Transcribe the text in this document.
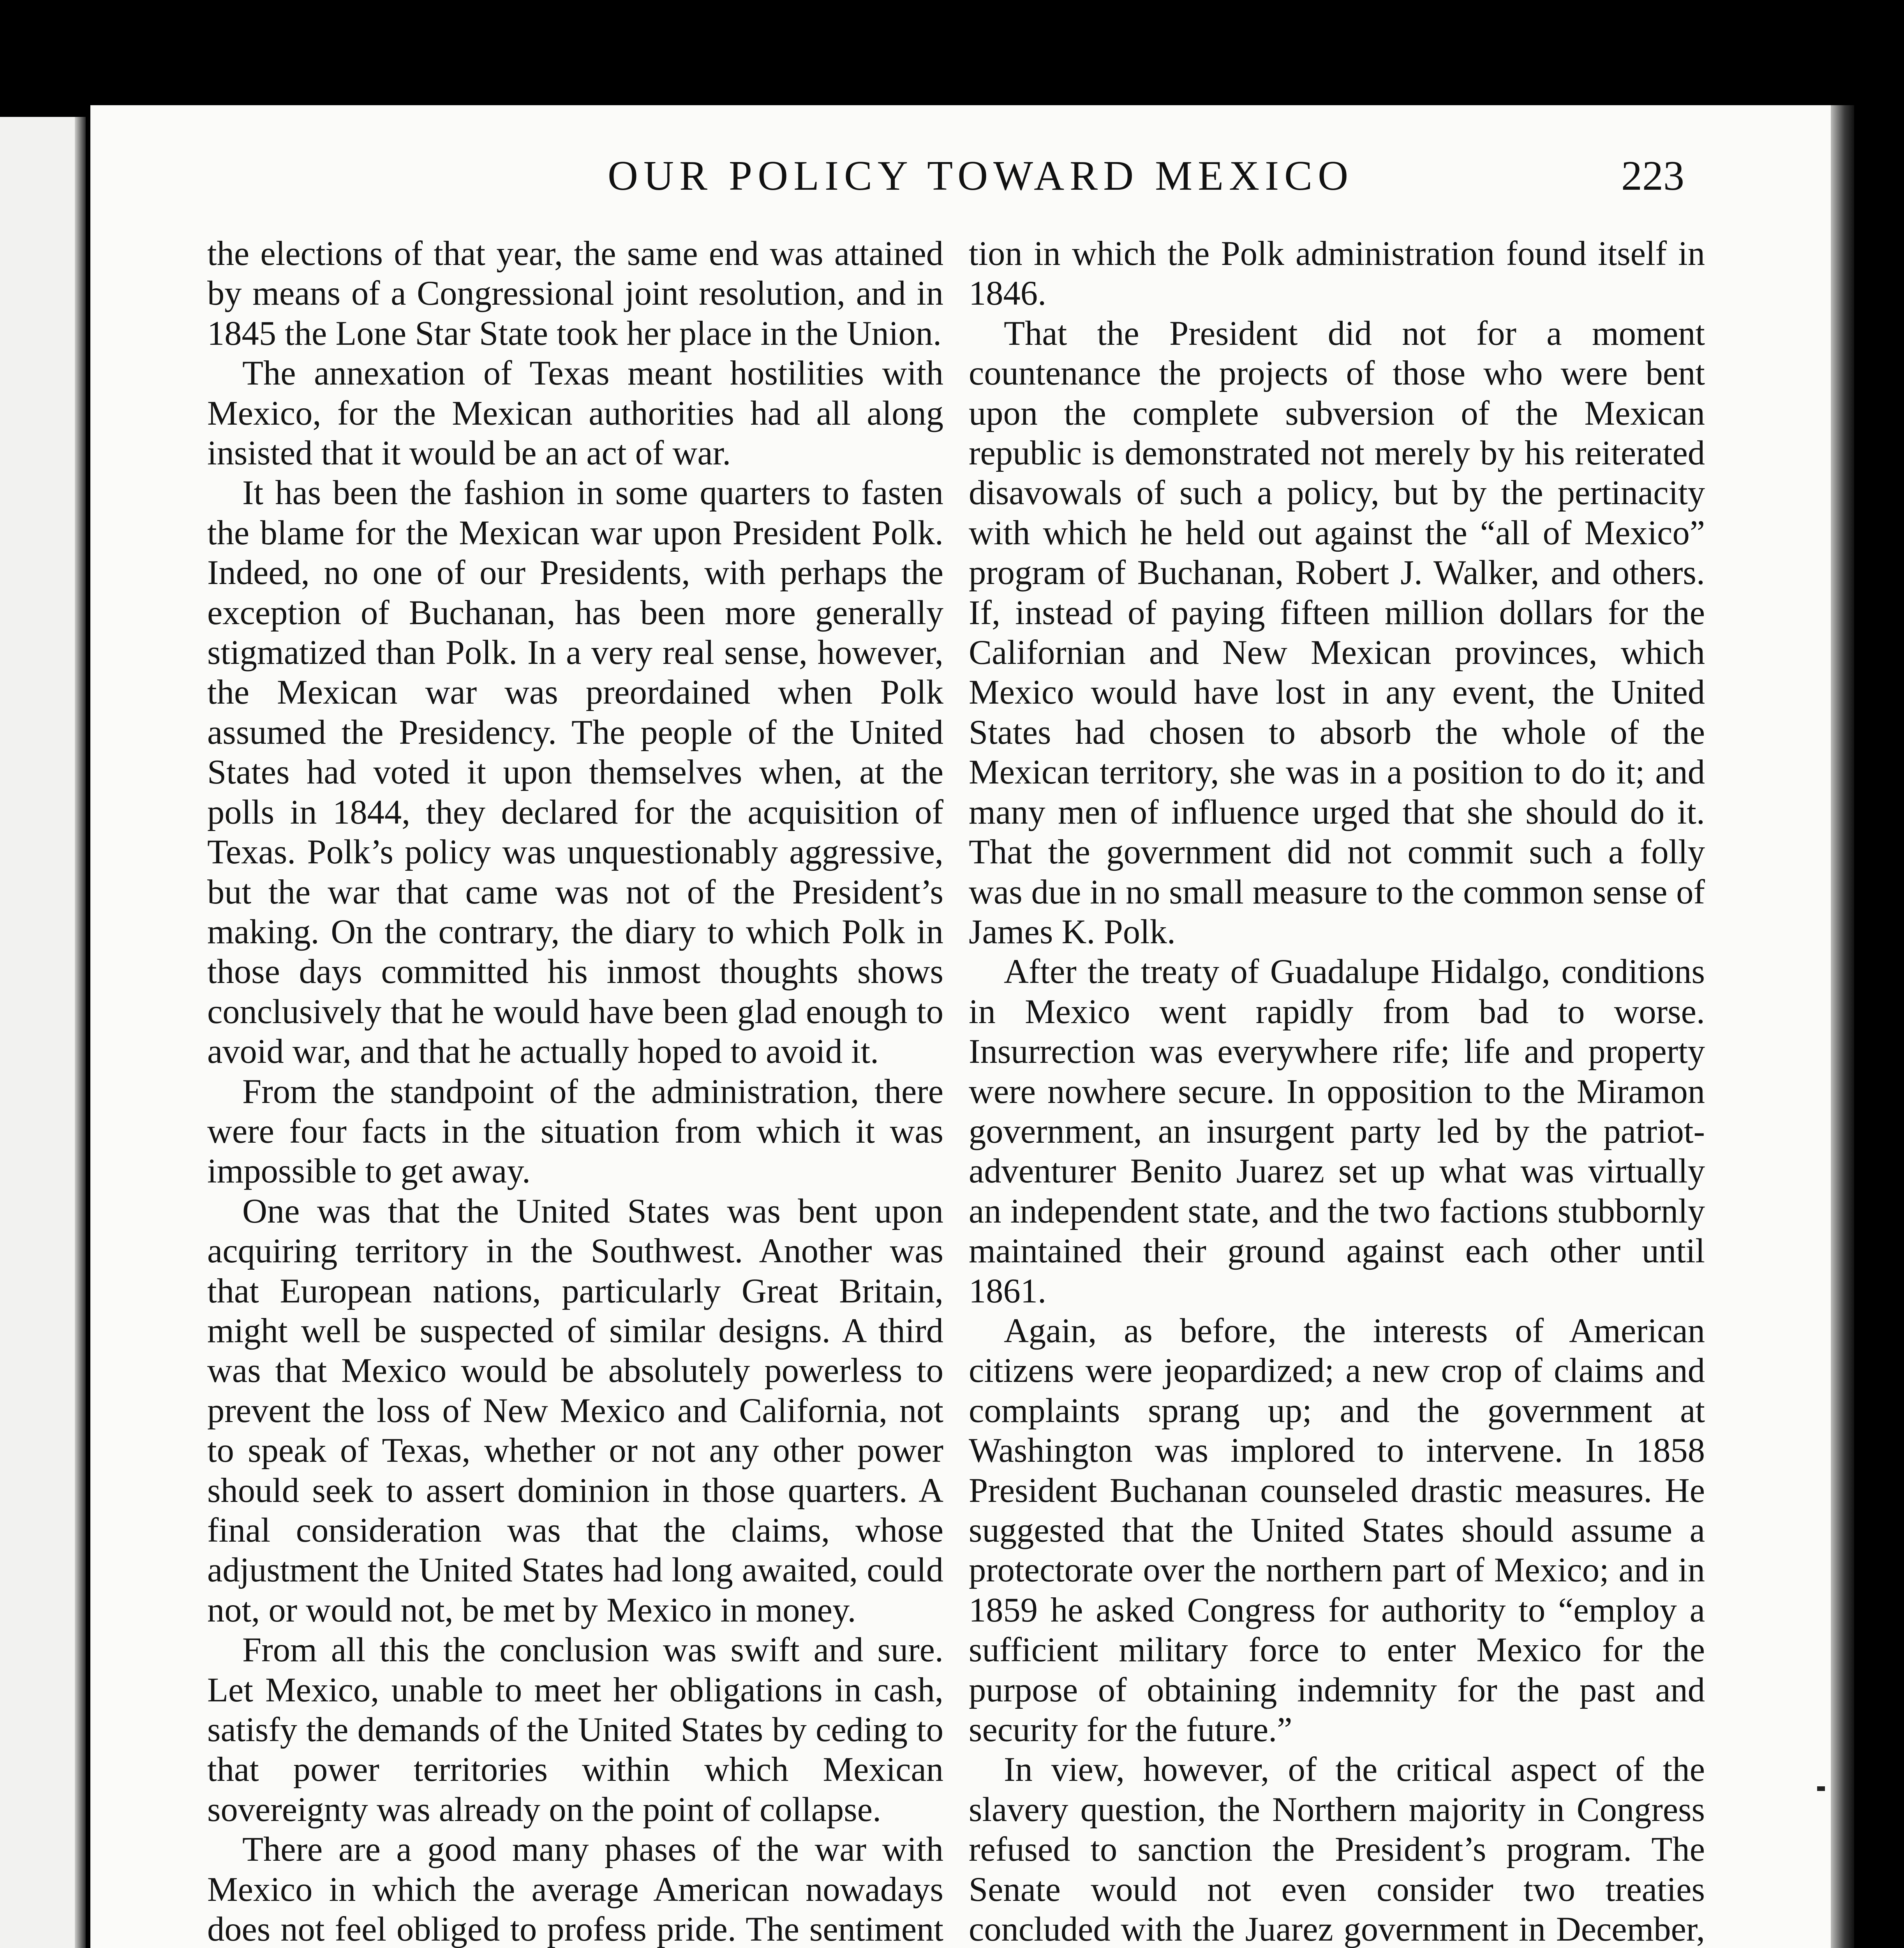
OUR POLICY TOWARD MEXICO	223

the elections of that year, the same end was attained by means of a Congressional joint resolution, and in 1845 the Lone Star State took her place in the Union.

The annexation of Texas meant hostilities with Mexico, for the Mexican authorities had all along insisted that it would be an act of war.

It has been the fashion in some quarters to fasten the blame for the Mexican war upon President Polk. Indeed, no one of our Presidents, with perhaps the exception of Buchanan, has been more generally stigmatized than Polk. In a very real sense, however, the Mexican war was preordained when Polk assumed the Presidency. The people of the United States had voted it upon themselves when, at the polls in 1844, they declared for the acquisition of Texas. Polk’s policy was unquestionably aggressive, but the war that came was not of the President’s making. On the contrary, the diary to which Polk in those days committed his inmost thoughts shows conclusively that he would have been glad enough to avoid war, and that he actually hoped to avoid it.

From the standpoint of the administration, there were four facts in the situation from which it was impossible to get away.

One was that the United States was bent upon acquiring territory in the Southwest. Another was that European nations, particularly Great Britain, might well be suspected of similar designs. A third was that Mexico would be absolutely powerless to prevent the loss of New Mexico and California, not to speak of Texas, whether or not any other power should seek to assert dominion in those quarters. A final consideration was that the claims, whose adjustment the United States had long awaited, could not, or would not, be met by Mexico in money.

From all this the conclusion was swift and sure. Let Mexico, unable to meet her obligations in cash, satisfy the demands of the United States by ceding to that power territories within which Mexican sovereignty was already on the point of collapse.

There are a good many phases of the war with Mexico in which the average American nowadays does not feel obliged to profess pride. The sentiment

tion in which the Polk administration found itself in 1846.

That the President did not for a moment countenance the projects of those who were bent upon the complete subversion of the Mexican republic is demonstrated not merely by his reiterated disavowals of such a policy, but by the pertinacity with which he held out against the “all of Mexico” program of Buchanan, Robert J. Walker, and others. If, instead of paying fifteen million dollars for the Californian and New Mexican provinces, which Mexico would have lost in any event, the United States had chosen to absorb the whole of the Mexican territory, she was in a position to do it; and many men of influence urged that she should do it. That the government did not commit such a folly was due in no small measure to the common sense of James K. Polk.

After the treaty of Guadalupe Hidalgo, conditions in Mexico went rapidly from bad to worse. Insurrection was everywhere rife; life and property were nowhere secure. In opposition to the Miramon government, an insurgent party led by the patriot-adventurer Benito Juarez set up what was virtually an independent state, and the two factions stubbornly maintained their ground against each other until 1861.

Again, as before, the interests of American citizens were jeopardized; a new crop of claims and complaints sprang up; and the government at Washington was implored to intervene. In 1858 President Buchanan counseled drastic measures. He suggested that the United States should assume a protectorate over the northern part of Mexico; and in 1859 he asked Congress for authority to “employ a sufficient military force to enter Mexico for the purpose of obtaining indemnity for the past and security for the future.”

In view, however, of the critical aspect of the slavery question, the Northern majority in Congress refused to sanction the President’s program. The Senate would not even consider two treaties concluded with the Juarez government in December,
